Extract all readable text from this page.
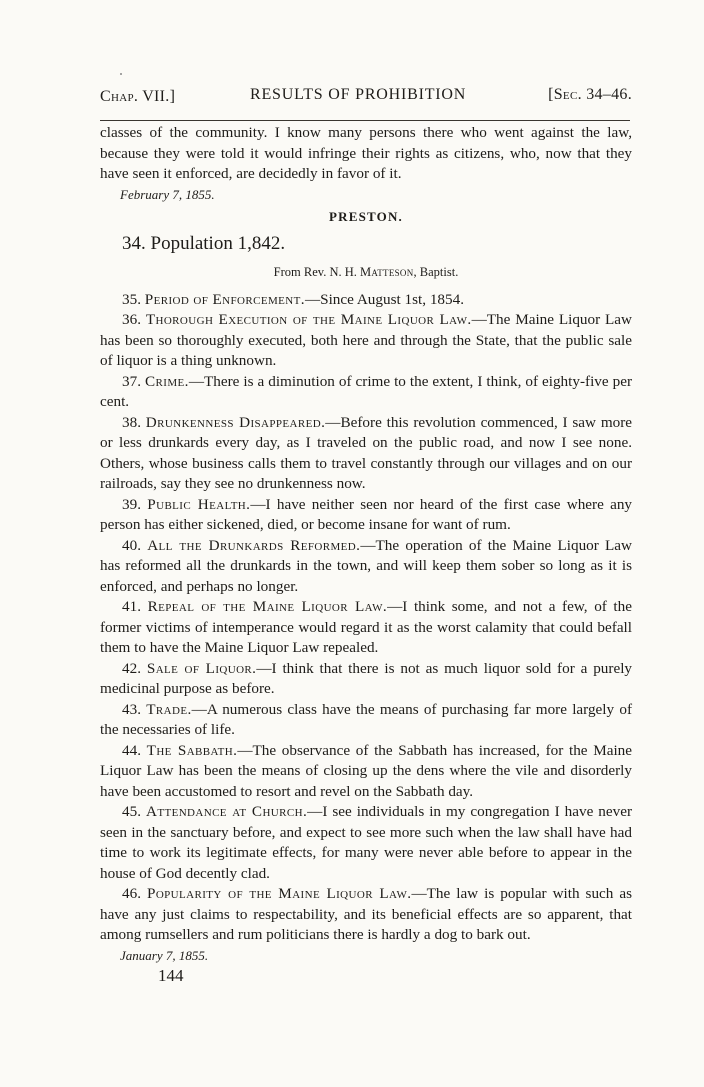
Chap. VII.]	RESULTS OF PROHIBITION	[Sec. 34–46.

classes of the community. I know many persons there who went against the law, because they were told it would infringe their rights as citizens, who, now that they have seen it enforced, are decidedly in favor of it.

February 7, 1855.
PRESTON.
34. Population 1,842.
From Rev. N. H. Matteson, Baptist.

35. Period of Enforcement.—Since August 1st, 1854.

36. Thorough Execution of the Maine Liquor Law.—The Maine Liquor Law has been so thoroughly executed, both here and through the State, that the public sale of liquor is a thing unknown.

37. Crime.—There is a diminution of crime to the extent, I think, of eighty-five per cent.

38. Drunkenness Disappeared.—Before this revolution commenced, I saw more or less drunkards every day, as I traveled on the public road, and now I see none. Others, whose business calls them to travel constantly through our villages and on our railroads, say they see no drunkenness now.

39. Public Health.—I have neither seen nor heard of the first case where any person has either sickened, died, or become insane for want of rum.

40. All the Drunkards Reformed.—The operation of the Maine Liquor Law has reformed all the drunkards in the town, and will keep them sober so long as it is enforced, and perhaps no longer.

41. Repeal of the Maine Liquor Law.—I think some, and not a few, of the former victims of intemperance would regard it as the worst calamity that could befall them to have the Maine Liquor Law repealed.

42. Sale of Liquor.—I think that there is not as much liquor sold for a purely medicinal purpose as before.

43. Trade.—A numerous class have the means of purchasing far more largely of the necessaries of life.

44. The Sabbath.—The observance of the Sabbath has increased, for the Maine Liquor Law has been the means of closing up the dens where the vile and disorderly have been accustomed to resort and revel on the Sabbath day.

45. Attendance at Church.—I see individuals in my congregation I have never seen in the sanctuary before, and expect to see more such when the law shall have had time to work its legitimate effects, for many were never able before to appear in the house of God decently clad.

46. Popularity of the Maine Liquor Law.—The law is popular with such as have any just claims to respectability, and its beneficial effects are so apparent, that among rumsellers and rum politicians there is hardly a dog to bark out.

January 7, 1855.
144
